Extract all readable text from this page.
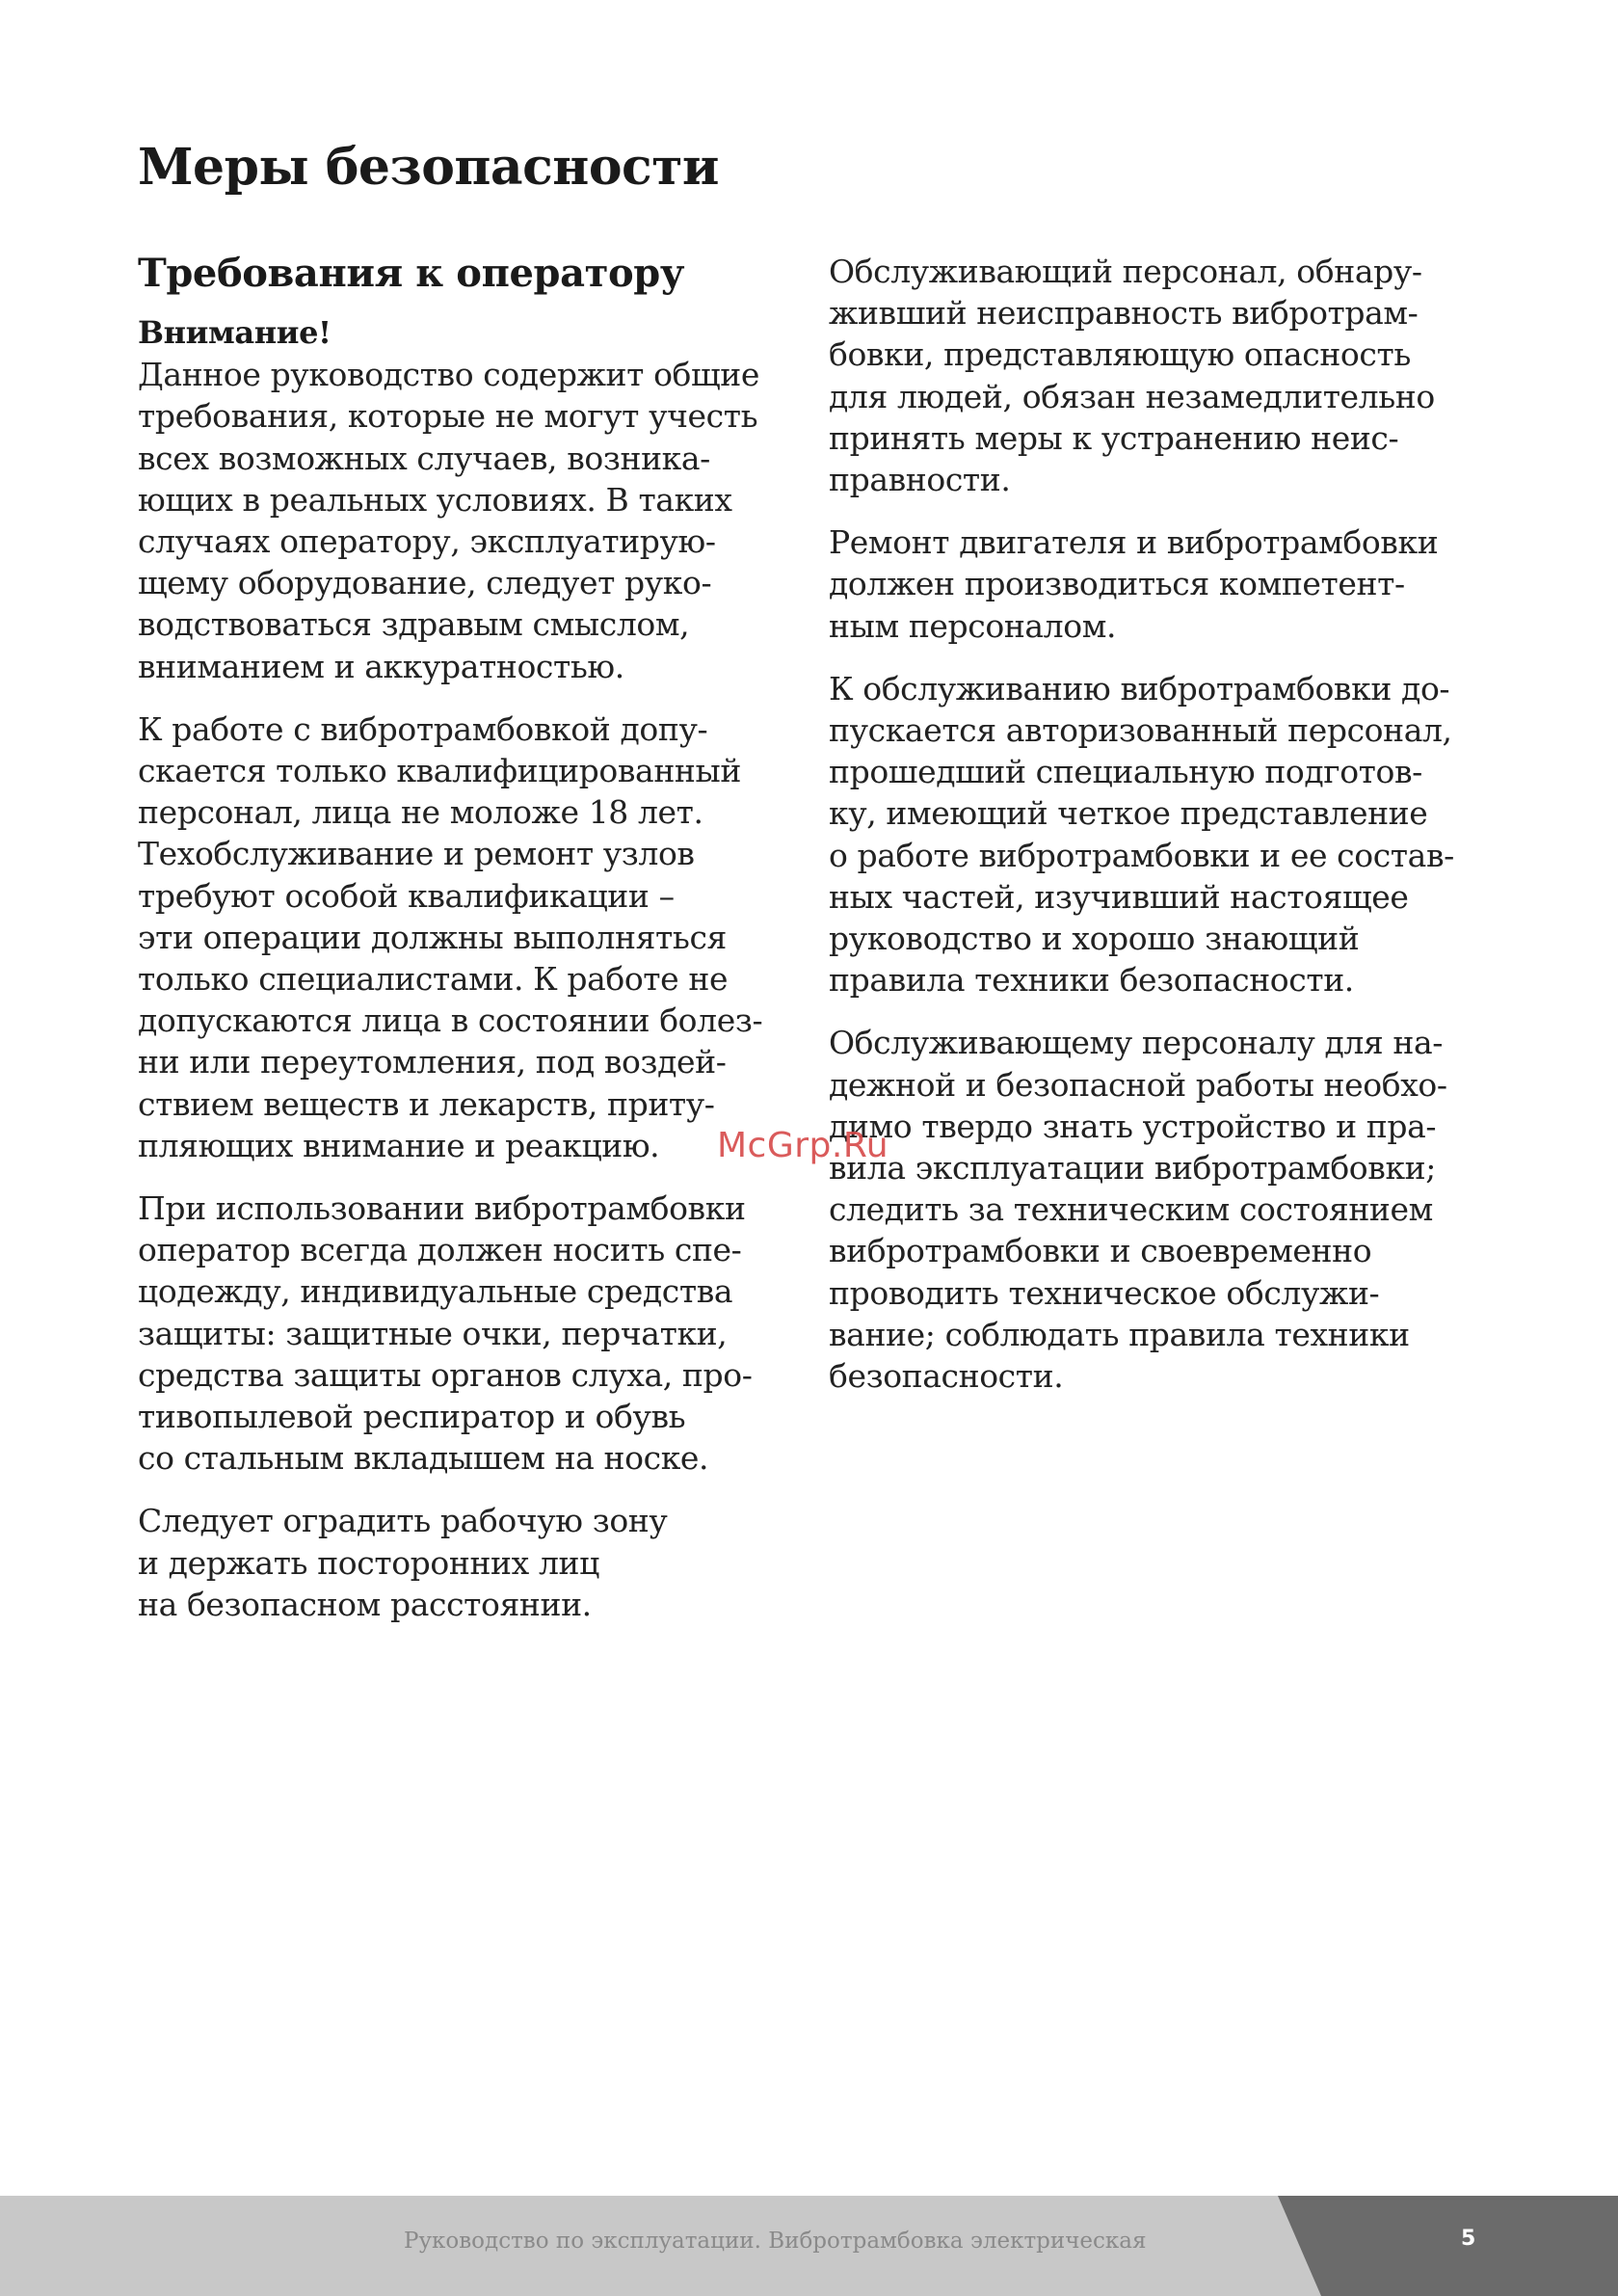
Меры безопасности
Требования к оператору
Внимание!

Данное руководство содержит общие
требования, которые не могут учесть
всех возможных случаев, возника-
ющих в реальных условиях. В таких
случаях оператору, эксплуатирую-
щему оборудование, следует руко-
водствоваться здравым смыслом,
вниманием и аккуратностью.

К работе с вибротрамбовкой допу-
скается только квалифицированный
персонал, лица не моложе 18 лет.
Техобслуживание и ремонт узлов
требуют особой квалификации –
эти операции должны выполняться
только специалистами. К работе не
допускаются лица в состоянии болез-
ни или переутомления, под воздей-
ствием веществ и лекарств, приту-
пляющих внимание и реакцию.

При использовании вибротрамбовки
оператор всегда должен носить спе-
цодежду, индивидуальные средства
защиты: защитные очки, перчатки,
средства защиты органов слуха, про-
тивопылевой респиратор и обувь
со стальным вкладышем на носке.

Следует оградить рабочую зону
и держать посторонних лиц
на безопасном расстоянии.

Обслуживающий персонал, обнару-
живший неисправность вибротрам-
бовки, представляющую опасность
для людей, обязан незамедлительно
принять меры к устранению неис-
правности.

Ремонт двигателя и вибротрамбовки
должен производиться компетент-
ным персоналом.

К обслуживанию вибротрамбовки до-
пускается авторизованный персонал,
прошедший специальную подготов-
ку, имеющий четкое представление
о работе вибротрамбовки и ее состав-
ных частей, изучивший настоящее
руководство и хорошо знающий
правила техники безопасности.

Обслуживающему персоналу для на-
дежной и безопасной работы необхо-
димо твердо знать устройство и пра-
вила эксплуатации вибротрамбовки;
следить за техническим состоянием
вибротрамбовки и своевременно
проводить техническое обслужи-
вание; соблюдать правила техники
безопасности.

McGrp.Ru
Руководство по эксплуатации. Вибротрамбовка электрическая	5
